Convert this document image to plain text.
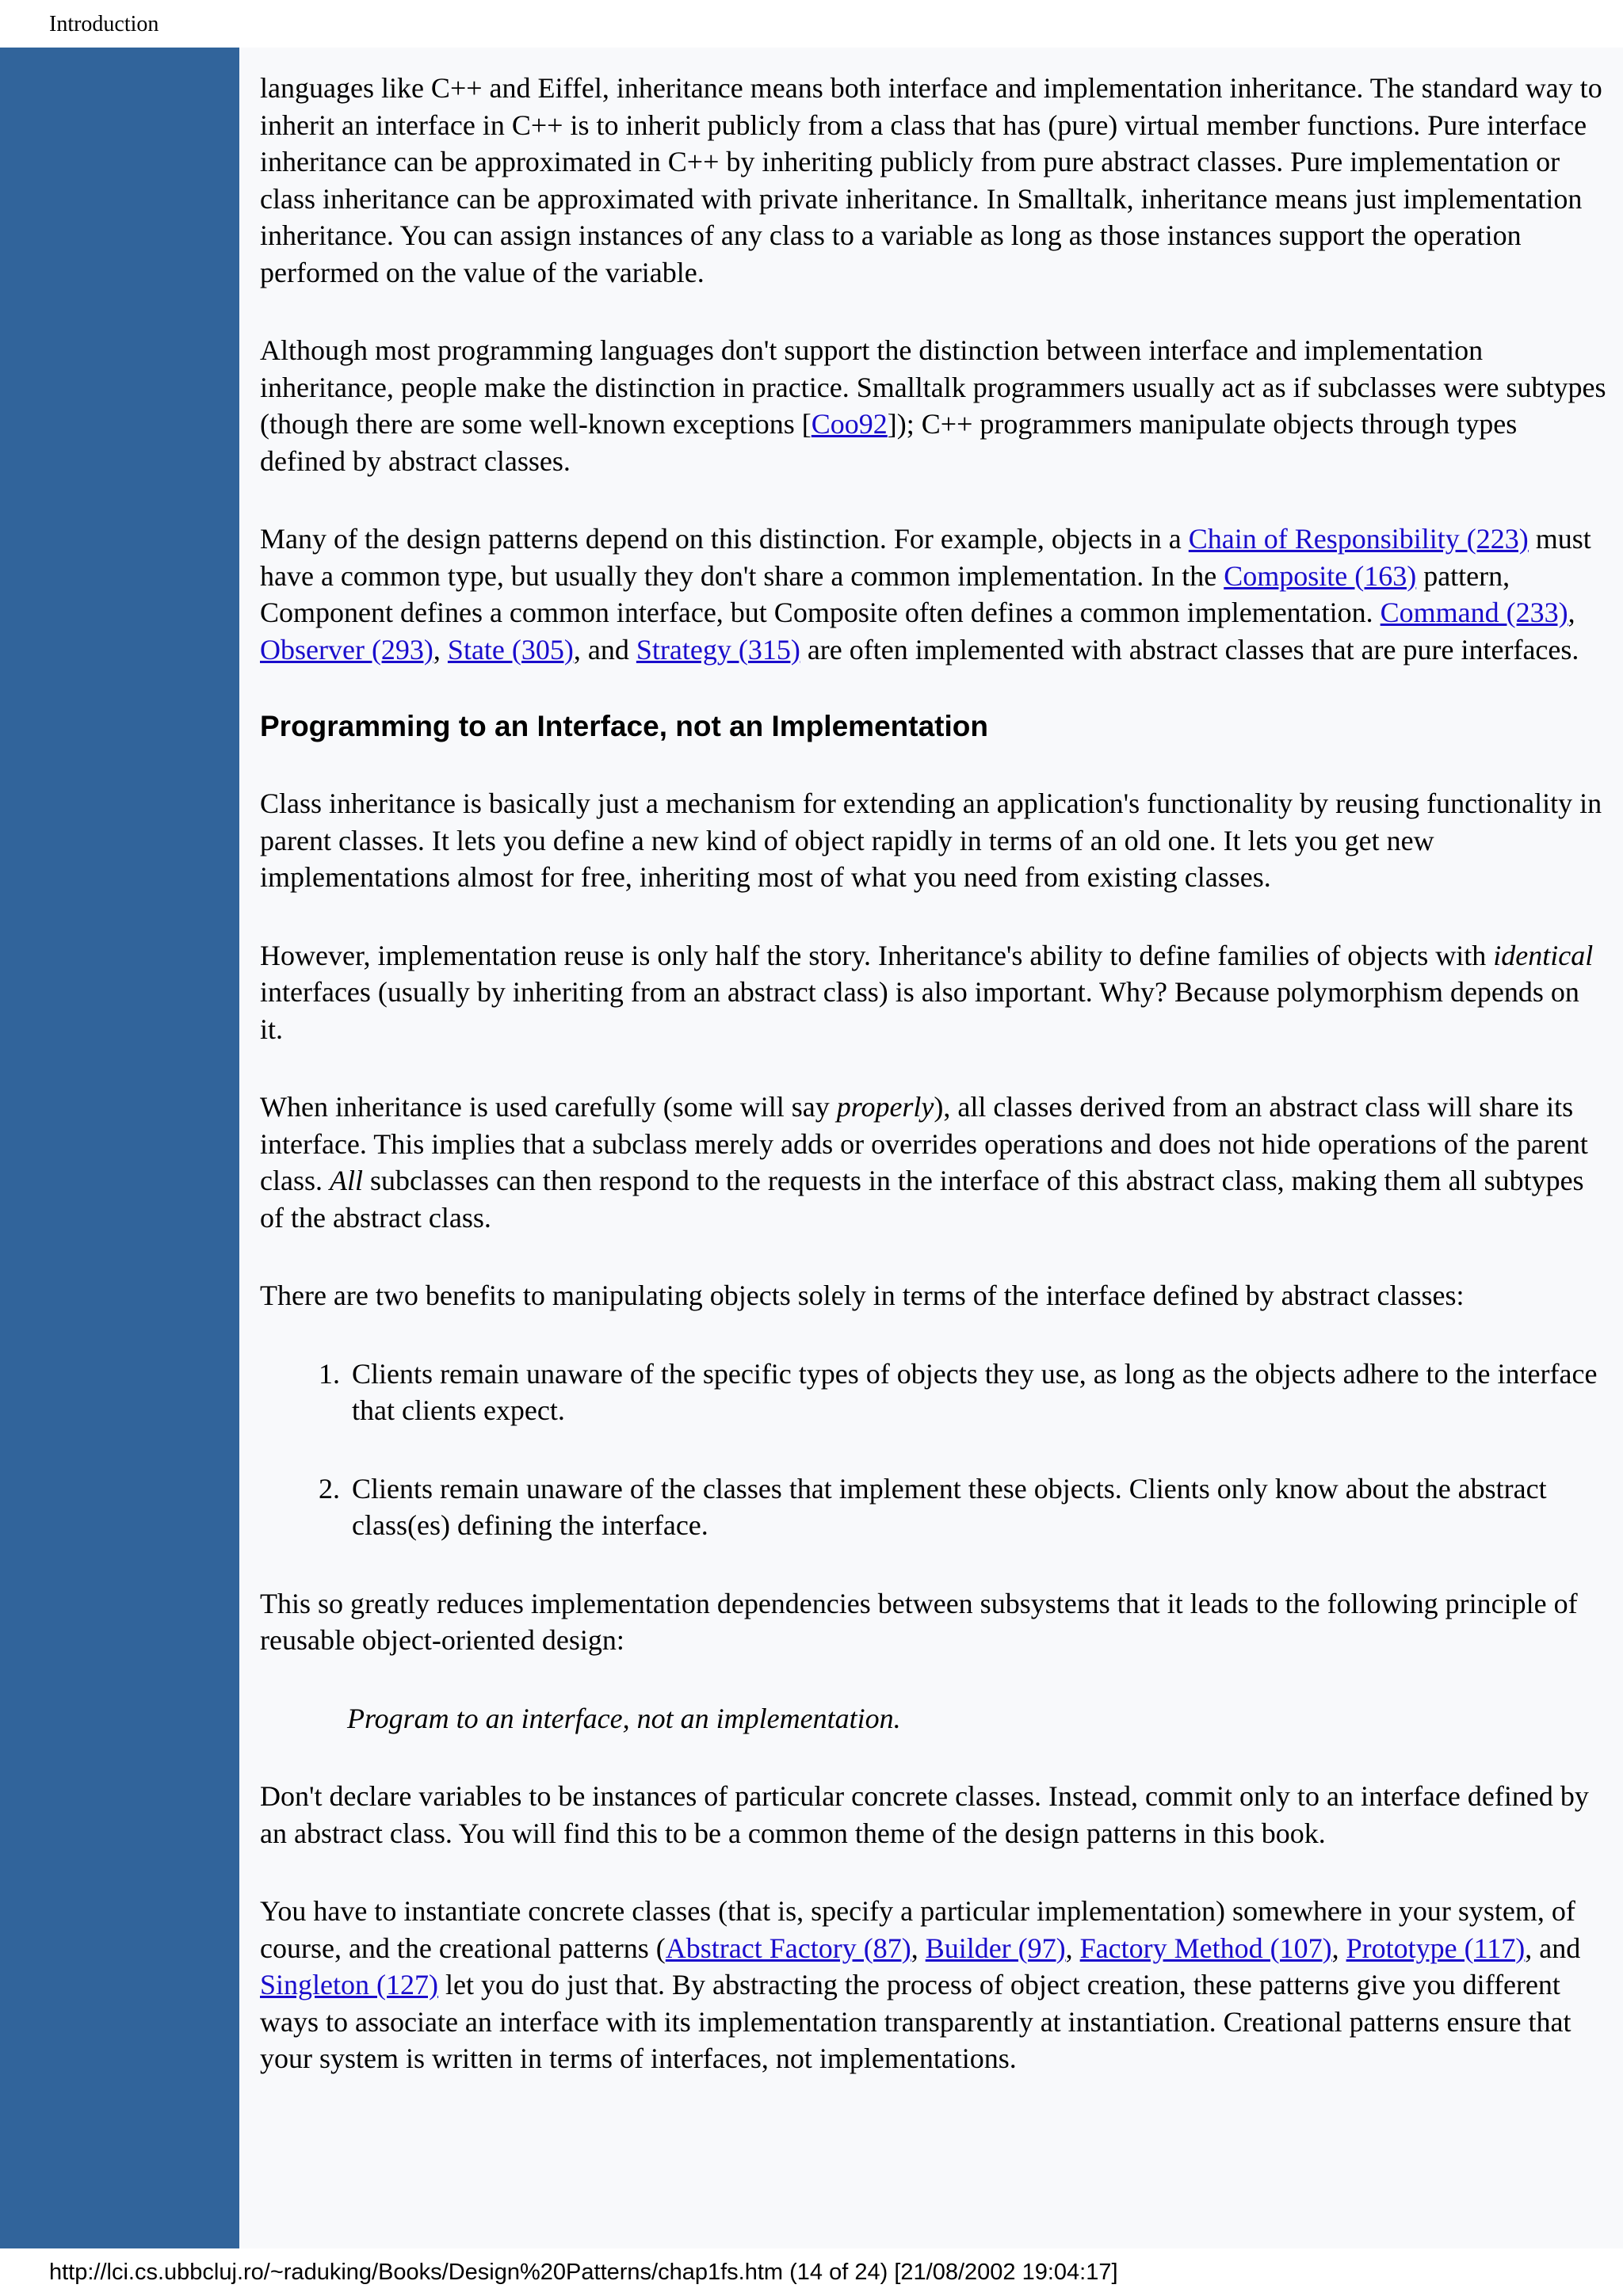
Introduction

languages like C++ and Eiffel, inheritance means both interface and implementation inheritance. The standard way to inherit an interface in C++ is to inherit publicly from a class that has (pure) virtual member functions. Pure interface inheritance can be approximated in C++ by inheriting publicly from pure abstract classes. Pure implementation or class inheritance can be approximated with private inheritance. In Smalltalk, inheritance means just implementation inheritance. You can assign instances of any class to a variable as long as those instances support the operation performed on the value of the variable.

Although most programming languages don't support the distinction between interface and implementation inheritance, people make the distinction in practice. Smalltalk programmers usually act as if subclasses were subtypes (though there are some well-known exceptions [Coo92]); C++ programmers manipulate objects through types defined by abstract classes.

Many of the design patterns depend on this distinction. For example, objects in a Chain of Responsibility (223) must have a common type, but usually they don't share a common implementation. In the Composite (163) pattern, Component defines a common interface, but Composite often defines a common implementation. Command (233), Observer (293), State (305), and Strategy (315) are often implemented with abstract classes that are pure interfaces.

Programming to an Interface, not an Implementation

Class inheritance is basically just a mechanism for extending an application's functionality by reusing functionality in parent classes. It lets you define a new kind of object rapidly in terms of an old one. It lets you get new implementations almost for free, inheriting most of what you need from existing classes.

However, implementation reuse is only half the story. Inheritance's ability to define families of objects with identical interfaces (usually by inheriting from an abstract class) is also important. Why? Because polymorphism depends on it.

When inheritance is used carefully (some will say properly), all classes derived from an abstract class will share its interface. This implies that a subclass merely adds or overrides operations and does not hide operations of the parent class. All subclasses can then respond to the requests in the interface of this abstract class, making them all subtypes of the abstract class.

There are two benefits to manipulating objects solely in terms of the interface defined by abstract classes:

1. Clients remain unaware of the specific types of objects they use, as long as the objects adhere to the interface that clients expect.
2. Clients remain unaware of the classes that implement these objects. Clients only know about the abstract class(es) defining the interface.

This so greatly reduces implementation dependencies between subsystems that it leads to the following principle of reusable object-oriented design:

Program to an interface, not an implementation.

Don't declare variables to be instances of particular concrete classes. Instead, commit only to an interface defined by an abstract class. You will find this to be a common theme of the design patterns in this book.

You have to instantiate concrete classes (that is, specify a particular implementation) somewhere in your system, of course, and the creational patterns (Abstract Factory (87), Builder (97), Factory Method (107), Prototype (117), and Singleton (127) let you do just that. By abstracting the process of object creation, these patterns give you different ways to associate an interface with its implementation transparently at instantiation. Creational patterns ensure that your system is written in terms of interfaces, not implementations.

http://lci.cs.ubbcluj.ro/~raduking/Books/Design%20Patterns/chap1fs.htm (14 of 24) [21/08/2002 19:04:17]
